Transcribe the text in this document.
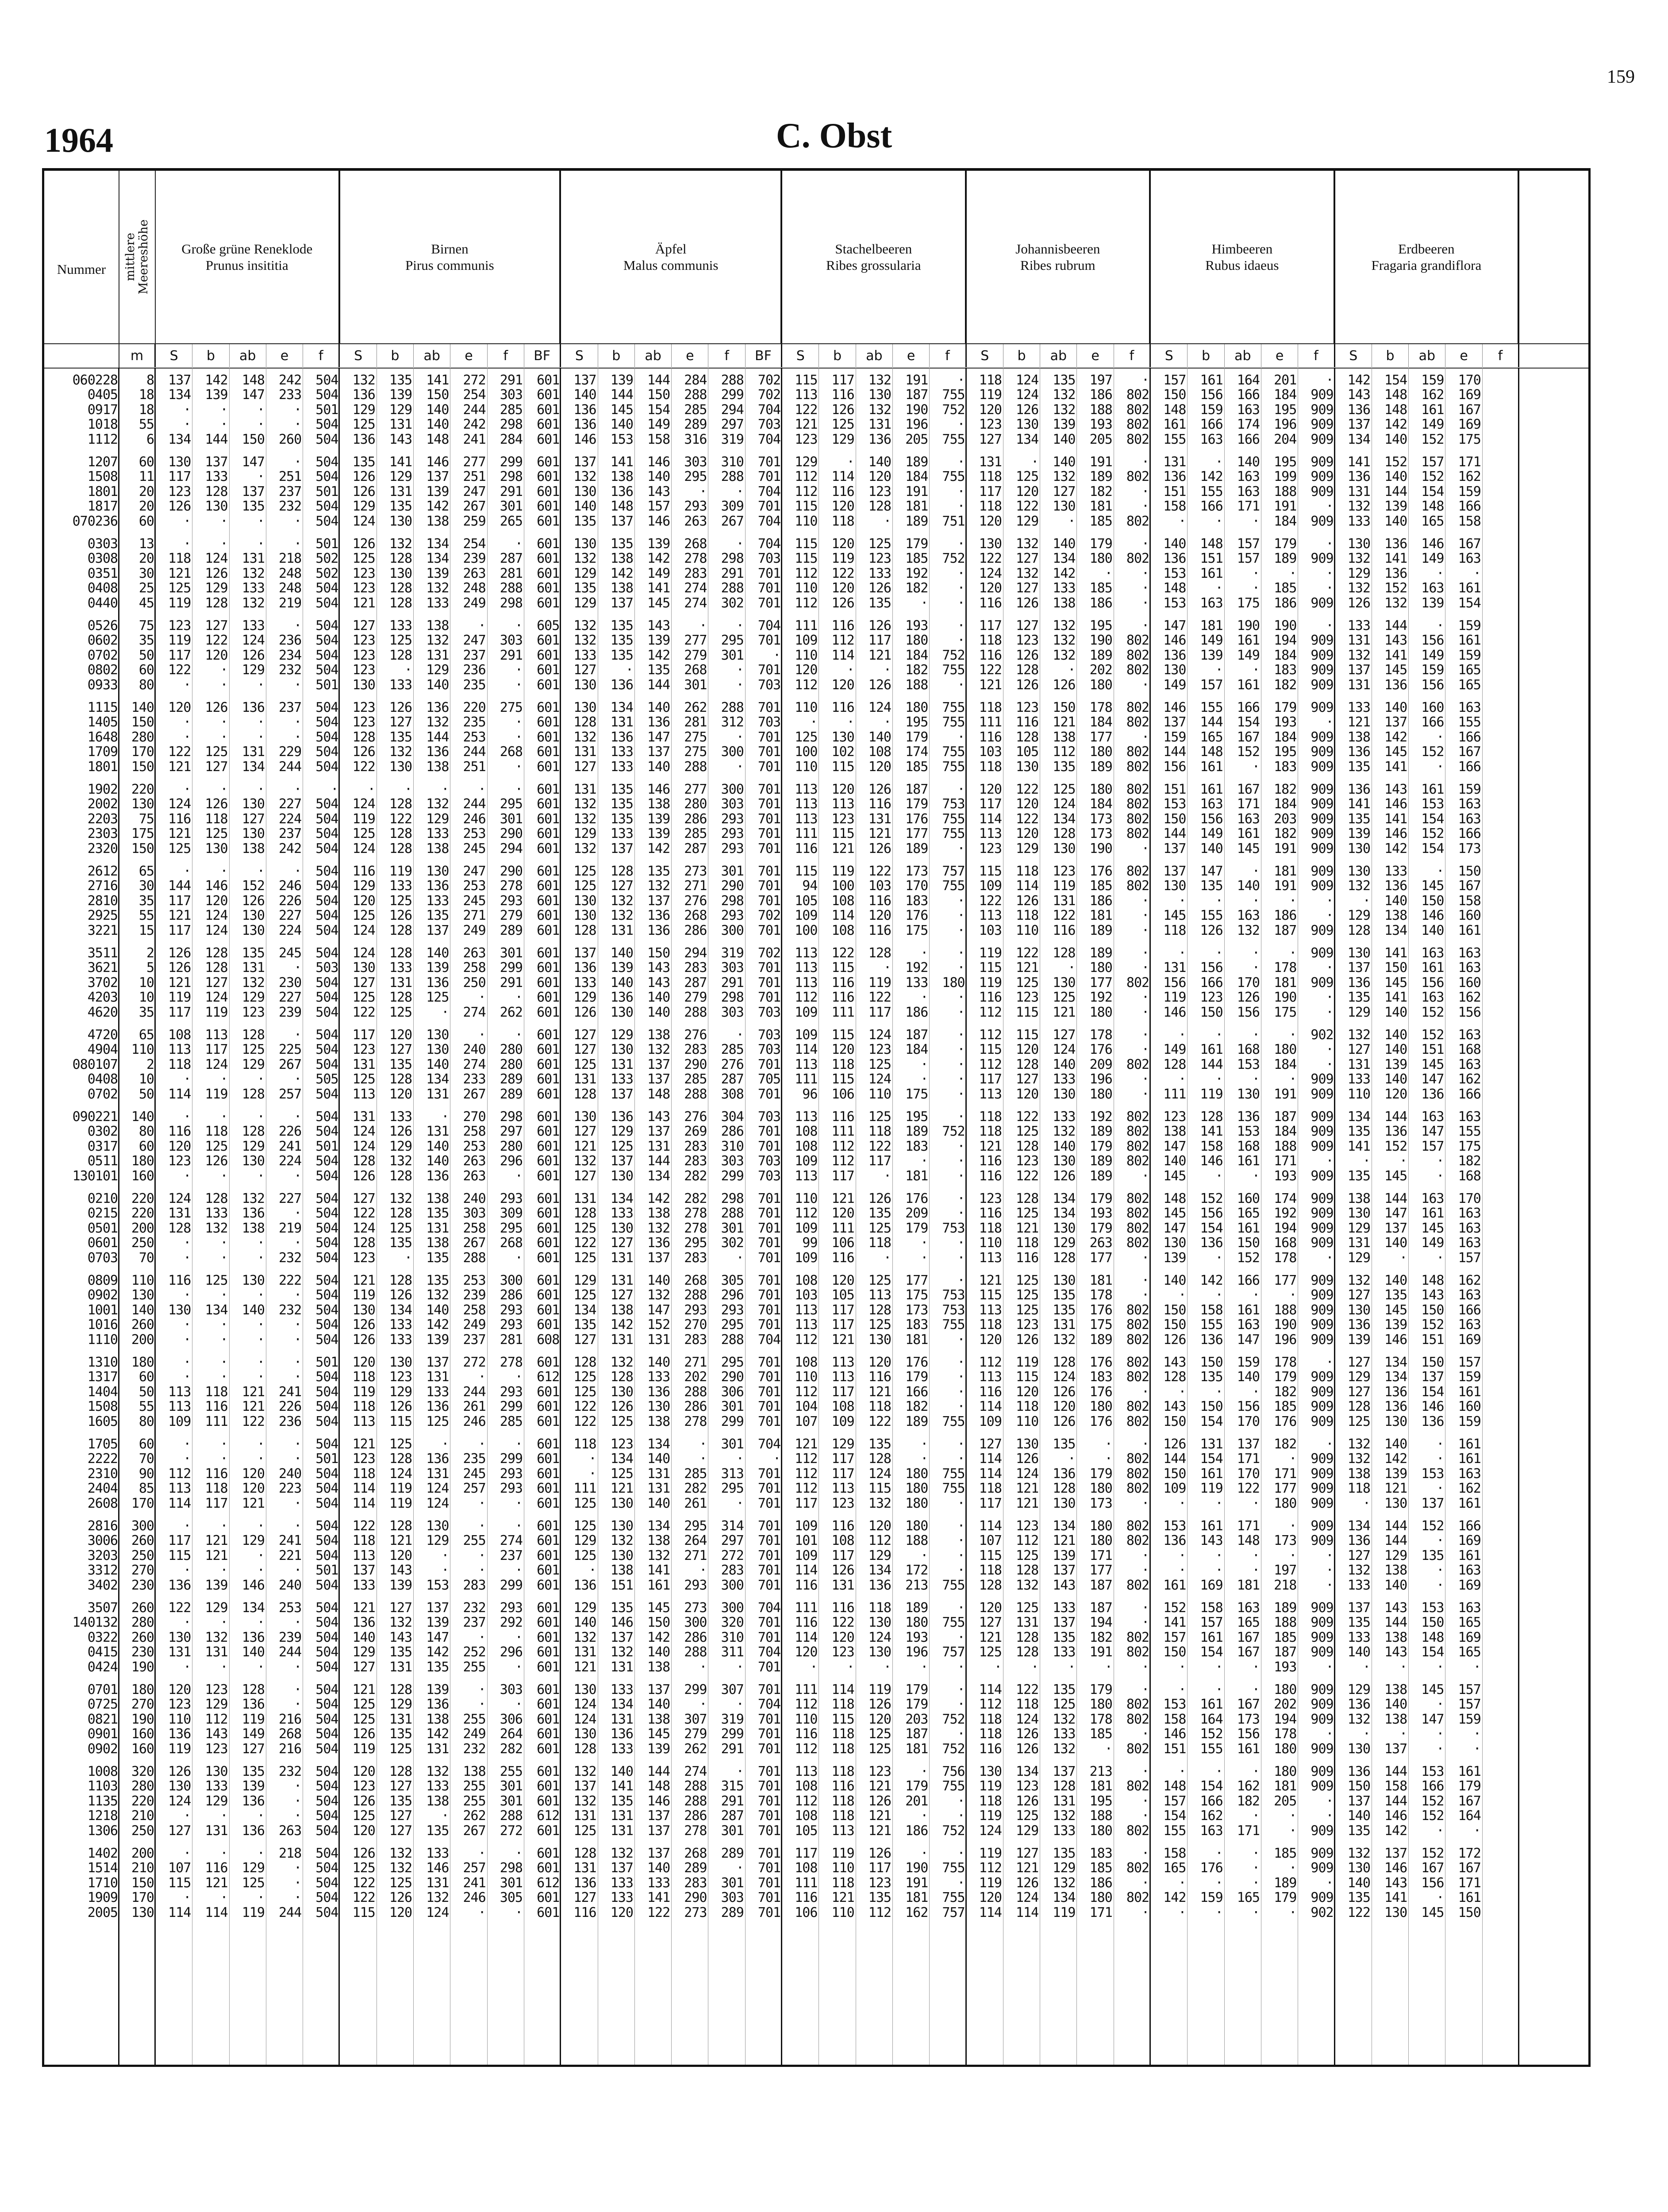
159
1964	C. Obst
Nummer mittlere Meereshöhe Große grüne Reneklode
Prunus insititia
Birnen
Pirus communis
Äpfel
Malus communis
Stachelbeeren
Ribes grossularia
Johannisbeeren
Ribes rubrum
Himbeeren
Rubus idaeus
Erdbeeren
Fragaria grandiflora
m	S	b	ab	e	f	S	b	ab	e	f	BF	S	b	ab	e	f	BF	S	b	ab	e	f	S	b	ab	e	f	S	b	ab	e	f	S	b	ab	e	f
060228	8	137	142	148	242	504	132	135	141	272	291	601	137	139	144	284	288	702	115	117	132	191	·	118	124	135	197	·	157	161	164	201	·	142	154	159	170
0405	18	134	139	147	233	504	136	139	150	254	303	601	140	144	150	288	299	702	113	116	130	187	755	119	124	132	186	802	150	156	166	184	909	143	148	162	169
0917	18	·	·	·	·	501	129	129	140	244	285	601	136	145	154	285	294	704	122	126	132	190	752	120	126	132	188	802	148	159	163	195	909	136	148	161	167
1018	55	·	·	·	·	504	125	131	140	242	298	601	136	140	149	289	297	703	121	125	131	196	·	123	130	139	193	802	161	166	174	196	909	137	142	149	169
1112	6	134	144	150	260	504	136	143	148	241	284	601	146	153	158	316	319	704	123	129	136	205	755	127	134	140	205	802	155	163	166	204	909	134	140	152	175
1207	60	130	137	147	·	504	135	141	146	277	299	601	137	141	146	303	310	701	129	·	140	189	·	131	·	140	191	·	131	·	140	195	909	141	152	157	171
1508	11	117	133	·	251	504	126	129	137	251	298	601	132	138	140	295	288	701	112	114	120	184	755	118	125	132	189	802	136	142	163	199	909	136	140	152	162
1801	20	123	128	137	237	501	126	131	139	247	291	601	130	136	143	·	·	704	112	116	123	191	·	117	120	127	182	·	151	155	163	188	909	131	144	154	159
1817	20	126	130	135	232	504	129	135	142	267	301	601	140	148	157	293	309	701	115	120	128	181	·	118	122	130	181	·	158	166	171	191	·	132	139	148	166
070236	60	·	·	·	·	504	124	130	138	259	265	601	135	137	146	263	267	704	110	118	·	189	751	120	129	·	185	802	·	·	·	184	909	133	140	165	158
0303	13	·	·	·	·	501	126	132	134	254	·	601	130	135	139	268	·	704	115	120	125	179	·	130	132	140	179	·	140	148	157	179	·	130	136	146	167
0308	20	118	124	131	218	502	125	128	134	239	287	601	132	138	142	278	298	703	115	119	123	185	752	122	127	134	180	802	136	151	157	189	909	132	141	149	163
0351	30	121	126	132	248	502	123	130	139	263	281	601	129	142	149	283	291	701	112	122	133	192	·	124	132	142	·	·	153	161	·	·	·	129	136	·	·
0408	25	125	129	133	248	504	123	128	132	248	288	601	135	138	141	274	288	701	110	120	126	182	·	120	127	133	185	·	148	·	·	185	·	132	152	163	161
0440	45	119	128	132	219	504	121	128	133	249	298	601	129	137	145	274	302	701	112	126	135	·	·	116	126	138	186	·	153	163	175	186	909	126	132	139	154
0526	75	123	127	133	·	504	127	133	138	·	·	605	132	135	143	·	·	704	111	116	126	193	·	117	127	132	195	·	147	181	190	190	·	133	144	·	159
0602	35	119	122	124	236	504	123	125	132	247	303	601	132	135	139	277	295	701	109	112	117	180	·	118	123	132	190	802	146	149	161	194	909	131	143	156	161
0702	50	117	120	126	234	504	123	128	131	237	291	601	133	135	142	279	301	·	110	114	121	184	752	116	126	132	189	802	136	139	149	184	909	132	141	149	159
0802	60	122	·	129	232	504	123	·	129	236	·	601	127	·	135	268	·	701	120	·	·	182	755	122	128	·	202	802	130	·	·	183	909	137	145	159	165
0933	80	·	·	·	·	501	130	133	140	235	·	601	130	136	144	301	·	703	112	120	126	188	·	121	126	126	180	·	149	157	161	182	909	131	136	156	165
1115	140	120	126	136	237	504	123	126	136	220	275	601	130	134	140	262	288	701	110	116	124	180	755	118	123	150	178	802	146	155	166	179	909	133	140	160	163
1405	150	·	·	·	·	504	123	127	132	235	·	601	128	131	136	281	312	703	·	·	·	195	755	111	116	121	184	802	137	144	154	193	·	121	137	166	155
1648	280	·	·	·	·	504	128	135	144	253	·	601	132	136	147	275	·	701	125	130	140	179	·	116	128	138	177	·	159	165	167	184	909	138	142	·	166
1709	170	122	125	131	229	504	126	132	136	244	268	601	131	133	137	275	300	701	100	102	108	174	755	103	105	112	180	802	144	148	152	195	909	136	145	152	167
1801	150	121	127	134	244	504	122	130	138	251	·	601	127	133	140	288	·	701	110	115	120	185	755	118	130	135	189	802	156	161	·	183	909	135	141	·	166
1902	220	·	·	·	·	·	·	·	·	·	·	601	131	135	146	277	300	701	113	120	126	187	·	120	122	125	180	802	151	161	167	182	909	136	143	161	159
2002	130	124	126	130	227	504	124	128	132	244	295	601	132	135	138	280	303	701	113	113	116	179	753	117	120	124	184	802	153	163	171	184	909	141	146	153	163
2203	75	116	118	127	224	504	119	122	129	246	301	601	132	135	139	286	293	701	113	123	131	176	755	114	122	134	173	802	150	156	163	203	909	135	141	154	163
2303	175	121	125	130	237	504	125	128	133	253	290	601	129	133	139	285	293	701	111	115	121	177	755	113	120	128	173	802	144	149	161	182	909	139	146	152	166
2320	150	125	130	138	242	504	124	128	138	245	294	601	132	137	142	287	293	701	116	121	126	189	·	123	129	130	190	·	137	140	145	191	909	130	142	154	173
2612	65	·	·	·	·	504	116	119	130	247	290	601	125	128	135	273	301	701	115	119	122	173	757	115	118	123	176	802	137	147	·	181	909	130	133	·	150
2716	30	144	146	152	246	504	129	133	136	253	278	601	125	127	132	271	290	701	94	100	103	170	755	109	114	119	185	802	130	135	140	191	909	132	136	145	167
2810	35	117	120	126	226	504	120	125	133	245	293	601	130	132	137	276	298	701	105	108	116	183	·	122	126	131	186	·	·	·	·	·	·	·	140	150	158
2925	55	121	124	130	227	504	125	126	135	271	279	601	130	132	136	268	293	702	109	114	120	176	·	113	118	122	181	·	145	155	163	186	·	129	138	146	160
3221	15	117	124	130	224	504	124	128	137	249	289	601	128	131	136	286	300	701	100	108	116	175	·	103	110	116	189	·	118	126	132	187	909	128	134	140	161
3511	2	126	128	135	245	504	124	128	140	263	301	601	137	140	150	294	319	702	113	122	128	·	·	119	122	128	189	·	·	·	·	·	909	130	141	163	163
3621	5	126	128	131	·	503	130	133	139	258	299	601	136	139	143	283	303	701	113	115	·	192	·	115	121	·	180	·	131	156	·	178	·	137	150	161	163
3702	10	121	127	132	230	504	127	131	136	250	291	601	133	140	143	287	291	701	113	116	119	133	180	119	125	130	177	802	156	166	170	181	909	136	145	156	160
4203	10	119	124	129	227	504	125	128	125	·	·	601	129	136	140	279	298	701	112	116	122	·	·	116	123	125	192	·	119	123	126	190	·	135	141	163	162
4620	35	117	119	123	239	504	122	125	·	274	262	601	126	130	140	288	303	703	109	111	117	186	·	112	115	121	180	·	146	150	156	175	·	129	140	152	156
4720	65	108	113	128	·	504	117	120	130	·	·	601	127	129	138	276	·	703	109	115	124	187	·	112	115	127	178	·	·	·	·	·	902	132	140	152	163
4904	110	113	117	125	225	504	123	127	130	240	280	601	127	130	132	283	285	703	114	120	123	184	·	115	120	124	176	·	149	161	168	180	·	127	140	151	168
080107	2	118	124	129	267	504	131	135	140	274	280	601	125	131	137	290	276	701	113	118	125	·	·	112	128	140	209	802	128	144	153	184	·	131	139	145	163
0408	10	·	·	·	·	505	125	128	134	233	289	601	131	133	137	285	287	705	111	115	124	·	·	117	127	133	196	·	·	·	·	·	909	133	140	147	162
0702	50	114	119	128	257	504	113	120	131	267	289	601	128	137	148	288	308	701	96	106	110	175	·	113	120	130	180	·	111	119	130	191	909	110	120	136	166
090221	140	·	·	·	·	504	131	133	·	270	298	601	130	136	143	276	304	703	113	116	125	195	·	118	122	133	192	802	123	128	136	187	909	134	144	163	163
0302	80	116	118	128	226	504	124	126	131	258	297	601	127	129	137	269	286	701	108	111	118	189	752	118	125	132	189	802	138	141	153	184	909	135	136	147	155
0317	60	120	125	129	241	501	124	129	140	253	280	601	121	125	131	283	310	701	108	112	122	183	·	121	128	140	179	802	147	158	168	188	909	141	152	157	175
0511	180	123	126	130	224	504	128	132	140	263	296	601	132	137	144	283	303	703	109	112	117	·	·	116	123	130	189	802	140	146	161	171	·	·	·	·	182
130101	160	·	·	·	·	504	126	128	136	263	·	601	127	130	134	282	299	703	113	117	·	181	·	116	122	126	189	·	145	·	·	193	909	135	145	·	168
0210	220	124	128	132	227	504	127	132	138	240	293	601	131	134	142	282	298	701	110	121	126	176	·	123	128	134	179	802	148	152	160	174	909	138	144	163	170
0215	220	131	133	136	·	504	122	128	135	303	309	601	128	133	138	278	288	701	112	120	135	209	·	116	125	134	193	802	145	156	165	192	909	130	147	161	163
0501	200	128	132	138	219	504	124	125	131	258	295	601	125	130	132	278	301	701	109	111	125	179	753	118	121	130	179	802	147	154	161	194	909	129	137	145	163
0601	250	·	·	·	·	504	128	135	138	267	268	601	122	127	136	295	302	701	99	106	118	·	·	110	118	129	263	802	130	136	150	168	909	131	140	149	163
0703	70	·	·	·	232	504	123	·	135	288	·	601	125	131	137	283	·	701	109	116	·	·	·	113	116	128	177	·	139	·	152	178	·	129	·	·	157
0809	110	116	125	130	222	504	121	128	135	253	300	601	129	131	140	268	305	701	108	120	125	177	·	121	125	130	181	·	140	142	166	177	909	132	140	148	162
0902	130	·	·	·	·	504	119	126	132	239	286	601	125	127	132	288	296	701	103	105	113	175	753	115	125	135	178	·	·	·	·	·	909	127	135	143	163
1001	140	130	134	140	232	504	130	134	140	258	293	601	134	138	147	293	293	701	113	117	128	173	753	113	125	135	176	802	150	158	161	188	909	130	145	150	166
1016	260	·	·	·	·	504	126	133	142	249	293	601	135	142	152	270	295	701	113	117	125	183	755	118	123	131	175	802	150	155	163	190	909	136	139	152	163
1110	200	·	·	·	·	504	126	133	139	237	281	608	127	131	131	283	288	704	112	121	130	181	·	120	126	132	189	802	126	136	147	196	909	139	146	151	169
1310	180	·	·	·	·	501	120	130	137	272	278	601	128	132	140	271	295	701	108	113	120	176	·	112	119	128	176	802	143	150	159	178	·	127	134	150	157
1317	60	·	·	·	·	504	118	123	131	·	·	612	125	128	133	202	290	701	110	113	116	179	·	113	115	124	183	802	128	135	140	179	909	129	134	137	159
1404	50	113	118	121	241	504	119	129	133	244	293	601	125	130	136	288	306	701	112	117	121	166	·	116	120	126	176	·	·	·	·	182	909	127	136	154	161
1508	55	113	116	121	226	504	118	126	136	261	299	601	122	126	130	286	301	701	104	108	118	182	·	114	118	120	180	802	143	150	156	185	909	128	136	146	160
1605	80	109	111	122	236	504	113	115	125	246	285	601	122	125	138	278	299	701	107	109	122	189	755	109	110	126	176	802	150	154	170	176	909	125	130	136	159
1705	60	·	·	·	·	504	121	125	·	·	·	601	118	123	134	·	301	704	121	129	135	·	·	127	130	135	·	·	126	131	137	182	·	132	140	·	161
2222	70	·	·	·	·	501	123	128	136	235	299	601	·	134	140	·	·	·	112	117	128	·	·	114	126	·	·	802	144	154	171	·	909	132	142	·	161
2310	90	112	116	120	240	504	118	124	131	245	293	601	·	125	131	285	313	701	112	117	124	180	755	114	124	136	179	802	150	161	170	171	909	138	139	153	163
2404	85	113	118	120	223	504	114	119	124	257	293	601	111	121	131	282	295	701	112	113	115	180	755	118	121	128	180	802	109	119	122	177	909	118	121	·	162
2608	170	114	117	121	·	504	114	119	124	·	·	601	125	130	140	261	·	701	117	123	132	180	·	117	121	130	173	·	·	·	·	180	909	·	130	137	161
2816	300	·	·	·	·	504	122	128	130	·	·	601	125	130	134	295	314	701	109	116	120	180	·	114	123	134	180	802	153	161	171	·	909	134	144	152	166
3006	260	117	121	129	241	504	118	121	129	255	274	601	129	132	138	264	297	701	101	108	112	188	·	107	112	121	180	802	136	143	148	173	909	136	144	·	169
3203	250	115	121	·	221	504	113	120	·	·	237	601	125	130	132	271	272	701	109	117	129	·	·	115	125	139	171	·	·	·	·	·	·	127	129	135	161
3312	270	·	·	·	·	501	137	143	·	·	·	601	·	138	141	·	283	701	114	126	134	172	·	118	128	137	177	·	·	·	·	197	·	132	138	·	163
3402	230	136	139	146	240	504	133	139	153	283	299	601	136	151	161	293	300	701	116	131	136	213	755	128	132	143	187	802	161	169	181	218	·	133	140	·	169
3507	260	122	129	134	253	504	121	127	137	232	293	601	129	135	145	273	300	704	111	116	118	189	·	120	125	133	187	·	152	158	163	189	909	137	143	153	163
140132	280	·	·	·	·	504	136	132	139	237	292	601	140	146	150	300	320	701	116	122	130	180	755	127	131	137	194	·	141	157	165	188	909	135	144	150	165
0322	260	130	132	136	239	504	140	143	147	·	·	601	132	137	142	286	310	701	114	120	124	193	·	121	128	135	182	802	157	161	167	185	909	133	138	148	169
0415	230	131	131	140	244	504	129	135	142	252	296	601	131	132	140	288	311	704	120	123	130	196	757	125	128	133	191	802	150	154	167	187	909	140	143	154	165
0424	190	·	·	·	·	504	127	131	135	255	·	601	121	131	138	·	·	701	·	·	·	·	·	·	·	·	·	·	·	·	·	193	·	·	·	·	·
0701	180	120	123	128	·	504	121	128	139	·	303	601	130	133	137	299	307	701	111	114	119	179	·	114	122	135	179	·	·	·	·	180	909	129	138	145	157
0725	270	123	129	136	·	504	125	129	136	·	·	601	124	134	140	·	·	704	112	118	126	179	·	112	118	125	180	802	153	161	167	202	909	136	140	·	157
0821	190	110	112	119	216	504	125	131	138	255	306	601	124	131	138	307	319	701	110	115	120	203	752	118	124	132	178	802	158	164	173	194	909	132	138	147	159
0901	160	136	143	149	268	504	126	135	142	249	264	601	130	136	145	279	299	701	116	118	125	187	·	118	126	133	185	·	146	152	156	178	·	·	·	·	·
0902	160	119	123	127	216	504	119	125	131	232	282	601	128	133	139	262	291	701	112	118	125	181	752	116	126	132	·	802	151	155	161	180	909	130	137	·	·
1008	320	126	130	135	232	504	120	128	132	138	255	601	132	140	144	274	·	701	113	118	123	·	756	130	134	137	213	·	·	·	·	180	909	136	144	153	161
1103	280	130	133	139	·	504	123	127	133	255	301	601	137	141	148	288	315	701	108	116	121	179	755	119	123	128	181	802	148	154	162	181	909	150	158	166	179
1135	220	124	129	136	·	504	126	135	138	255	301	601	132	135	146	288	291	701	112	118	126	201	·	118	126	131	195	·	157	166	182	205	·	137	144	152	167
1218	210	·	·	·	·	504	125	127	·	262	288	612	131	131	137	286	287	701	108	118	121	·	·	119	125	132	188	·	154	162	·	·	·	140	146	152	164
1306	250	127	131	136	263	504	120	127	135	267	272	601	125	131	137	278	301	701	105	113	121	186	752	124	129	133	180	802	155	163	171	·	909	135	142	·	·
1402	200	·	·	·	218	504	126	132	133	·	·	601	128	132	137	268	289	701	117	119	126	·	·	119	127	135	183	·	158	·	·	185	909	132	137	152	172
1514	210	107	116	129	·	504	125	132	146	257	298	601	131	137	140	289	·	701	108	110	117	190	755	112	121	129	185	802	165	176	·	·	909	130	146	167	167
1710	150	115	121	125	·	504	122	125	131	241	301	612	136	133	133	283	301	701	111	118	123	191	·	119	126	132	186	·	·	·	·	189	·	140	143	156	171
1909	170	·	·	·	·	504	122	126	132	246	305	601	127	133	141	290	303	701	116	121	135	181	755	120	124	134	180	802	142	159	165	179	909	135	141	·	161
2005	130	114	114	119	244	504	115	120	124	·	·	601	116	120	122	273	289	701	106	110	112	162	757	114	114	119	171	·	·	·	·	·	902	122	130	145	150
